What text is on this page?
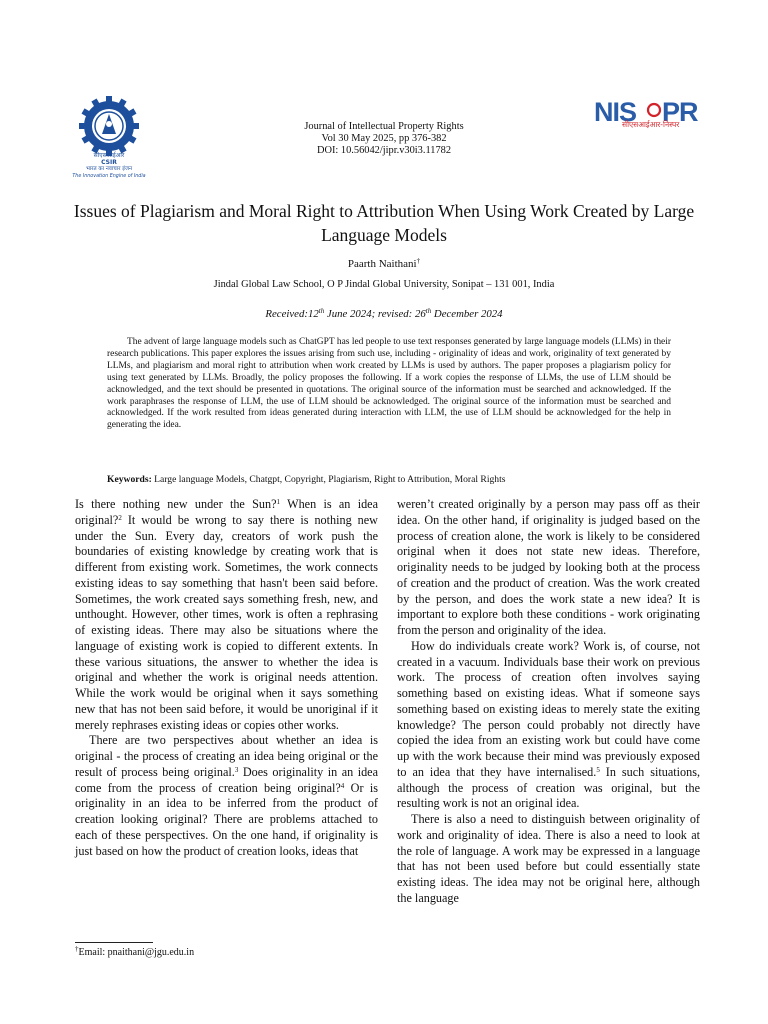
सीएसआईआर
CSIR
भारत का नवाचार इंजन
The Innovation Engine of India
Journal of Intellectual Property Rights
Vol 30 May 2025, pp 376-382
DOI: 10.56042/jipr.v30i3.11782
NIS PR
सीएसआईआर-निस्पर
Issues of Plagiarism and Moral Right to Attribution When Using Work Created by Large Language Models
Paarth Naithani†
Jindal Global Law School, O P Jindal Global University, Sonipat – 131 001, India
Received:12th June 2024; revised: 26th December 2024
The advent of large language models such as ChatGPT has led people to use text responses generated by large language models (LLMs) in their research publications. This paper explores the issues arising from such use, including - originality of ideas and work, originality of text generated by LLMs, and plagiarism and moral right to attribution when work created by LLMs is used by authors. The paper proposes a plagiarism policy for using text generated by LLMs. Broadly, the policy proposes the following. If a work copies the response of LLMs, the use of LLM should be acknowledged, and the text should be presented in quotations. The original source of the information must be searched and acknowledged. If the work paraphrases the response of LLM, the use of LLM should be acknowledged. The original source of the information must be searched and acknowledged. If the work resulted from ideas generated during interaction with LLM, the use of LLM should be acknowledged for the help in generating the idea.
Keywords: Large language Models, Chatgpt, Copyright, Plagiarism, Right to Attribution, Moral Rights

Is there nothing new under the Sun?$^1$ When is an idea original?$^2$ It would be wrong to say there is nothing new under the Sun. Every day, creators of work push the boundaries of existing knowledge by creating work that is different from existing work. Sometimes, the work connects existing ideas to say something that hasn't been said before. Sometimes, the work created says something fresh, new, and unthought. However, other times, work is often a rephrasing of existing ideas. There may also be situations where the language of existing work is copied to different extents. In these various situations, the answer to whether the idea is original and whether the work is original needs attention. While the work would be original when it says something new that has not been said before, it would be unoriginal if it merely rephrases existing ideas or copies other works.

There are two perspectives about whether an idea is original - the process of creating an idea being original or the result of process being original.$^3$ Does originality in an idea come from the process of creation being original?$^4$ Or is originality in an idea to be inferred from the product of creation looking original? There are problems attached to each of these perspectives. On the one hand, if originality is just based on how the product of creation looks, ideas that

weren’t created originally by a person may pass off as their idea. On the other hand, if originality is judged based on the process of creation alone, the work is likely to be considered original when it does not state new ideas. Therefore, originality needs to be judged by looking both at the process of creation and the product of creation. Was the work created by the person, and does the work state a new idea? It is important to explore both these conditions - work originating from the person and originality of the idea.

How do individuals create work? Work is, of course, not created in a vacuum. Individuals base their work on previous work. The process of creation often involves saying something based on existing ideas. What if someone says something based on existing ideas to merely state the exiting knowledge? The person could probably not directly have copied the idea from an existing work but could have come up with the work because their mind was previously exposed to an idea that they have internalised.$^5$ In such situations, although the process of creation was original, but the resulting work is not an original idea.

There is also a need to distinguish between originality of work and originality of idea. There is also a need to look at the role of language. A work may be expressed in a language that has not been used before but could essentially state existing ideas. The idea may not be original here, although the language

†Email: pnaithani@jgu.edu.in
